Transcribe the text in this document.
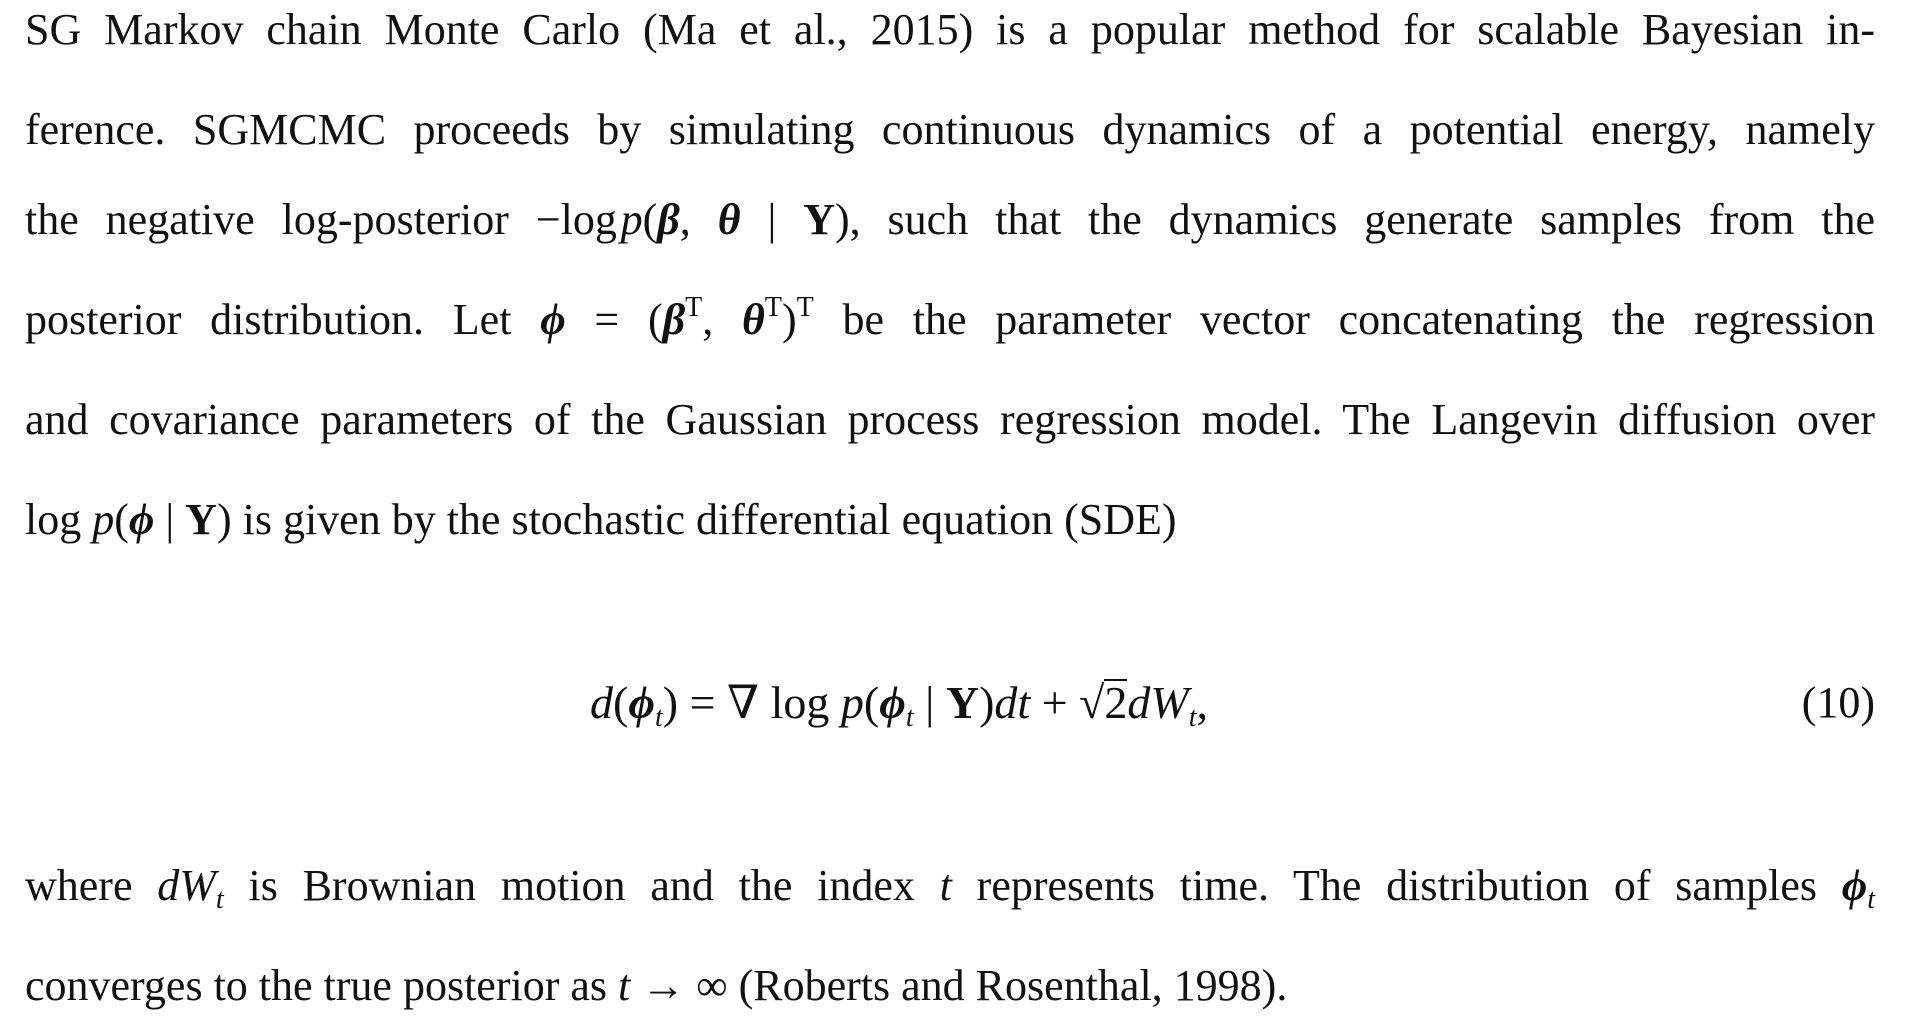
SG Markov chain Monte Carlo (Ma et al., 2015) is a popular method for scalable Bayesian in-
ference. SGMCMC proceeds by simulating continuous dynamics of a potential energy, namely
the negative log-posterior −log p(β, θ | Y), such that the dynamics generate samples from the
posterior distribution. Let $\phi = (\beta^T$, $\theta^T)^T$ be the parameter vector concatenating the regression
and covariance parameters of the Gaussian process regression model. The Langevin diffusion over
log p(ϕ | Y) is given by the stochastic differential equation (SDE)
$d(\phi_t)$ = ∇ $\log p(\phi_t$ | $Y)dt + √2dW_t$,	(10)
where $dW_t$ is Brownian motion and the index t represents time. The distribution of samples $\phi_t$
converges to the true posterior as t → ∞ (Roberts and Rosenthal, 1998).
